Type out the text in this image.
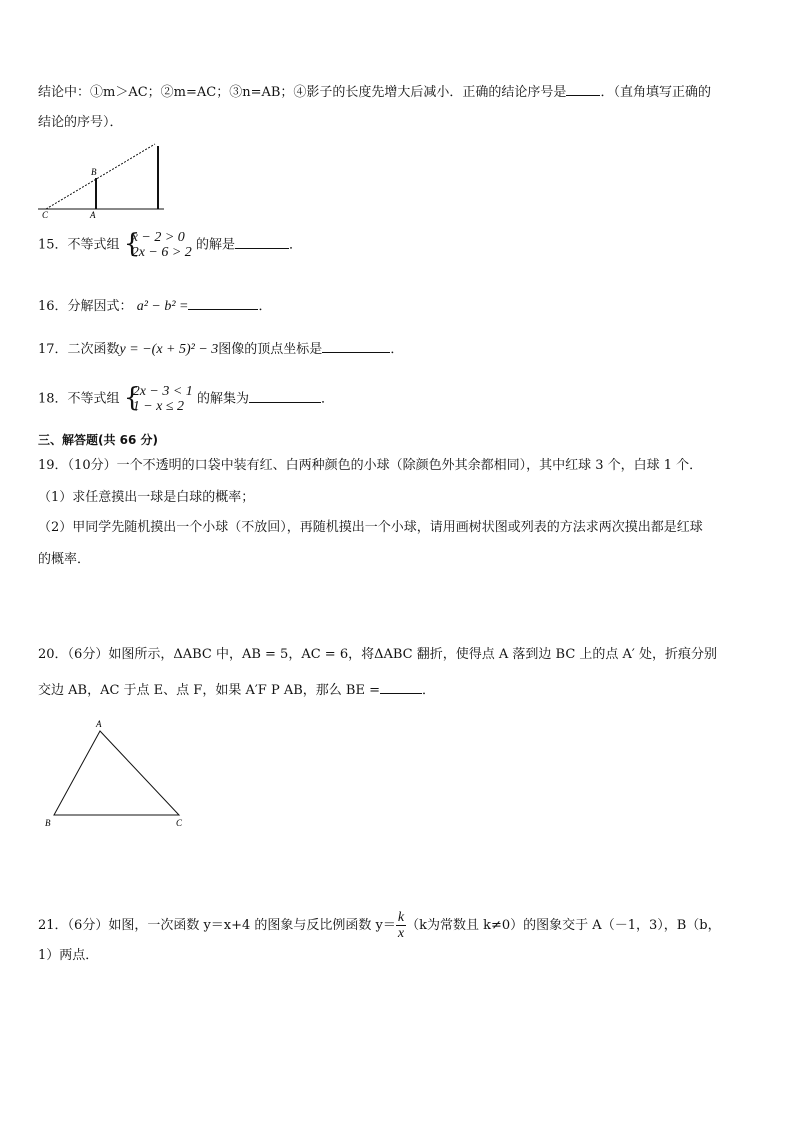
结论中：①m＞AC；②m=AC；③n=AB；④影子的长度先增大后减小．正确的结论序号是	．（直角填写正确的
结论的序号）．
C	A
B
15．不等式组 {
x − 2 > 0
2x − 6 > 2 的解是	．
16．分解因式： a² − b² =	．
17．二次函数y = −(x + 5)² − 3图像的顶点坐标是	．
18．不等式组 {
2x − 3 < 1
1 − x ≤ 2 的解集为	．
三、解答题(共 66 分)
19．（10分）一个不透明的口袋中装有红、白两种颜色的小球（除颜色外其余都相同），其中红球 3 个，白球 1 个．
（1）求任意摸出一球是白球的概率；
（2）甲同学先随机摸出一个小球（不放回），再随机摸出一个小球，请用画树状图或列表的方法求两次摸出都是红球
的概率．
20．（6分）如图所示，ΔABC 中，AB = 5，AC = 6，将ΔABC 翻折，使得点 A 落到边 BC 上的点 A′ 处，折痕分别
交边 AB，AC 于点 E、点 F，如果 A′F P AB，那么 BE =	．
A
B	C
21．（6分）如图，一次函数 y＝x+4 的图象与反比例函数 $y= \frac{k}{x} (k$为常数且 k≠0）的图象交于 A（－1，3），B（b，
1）两点．
